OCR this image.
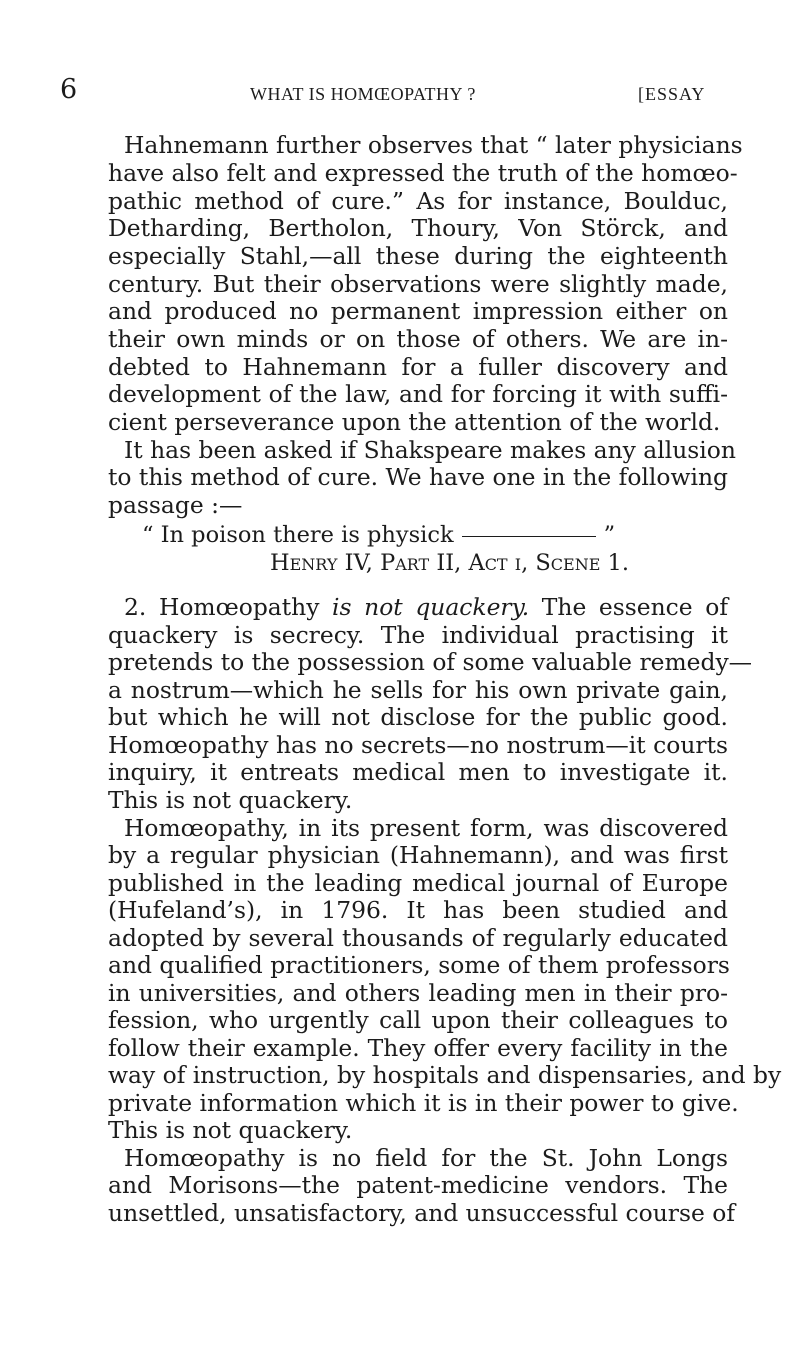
6	WHAT IS HOMŒOPATHY ?	[ESSAY
Hahnemann further observes that “ later physicians
have also felt and expressed the truth of the homœo-
pathic method of cure.” As for instance, Boulduc,
Detharding, Bertholon, Thoury, Von Störck, and
especially Stahl,—all these during the eighteenth
century. But their observations were slightly made,
and produced no permanent impression either on
their own minds or on those of others. We are in-
debted to Hahnemann for a fuller discovery and
development of the law, and for forcing it with suffi-
cient perseverance upon the attention of the world.
It has been asked if Shakspeare makes any allusion
to this method of cure. We have one in the following
passage :—
“ In poison there is physick	”
Henry IV, Part II, Act i, Scene 1.
2. Homœopathy is not quackery. The essence of
quackery is secrecy. The individual practising it
pretends to the possession of some valuable remedy—
a nostrum—which he sells for his own private gain,
but which he will not disclose for the public good.
Homœopathy has no secrets—no nostrum—it courts
inquiry, it entreats medical men to investigate it.
This is not quackery.
Homœopathy, in its present form, was discovered
by a regular physician (Hahnemann), and was first
published in the leading medical journal of Europe
(Hufeland’s), in 1796. It has been studied and
adopted by several thousands of regularly educated
and qualified practitioners, some of them professors
in universities, and others leading men in their pro-
fession, who urgently call upon their colleagues to
follow their example. They offer every facility in the
way of instruction, by hospitals and dispensaries, and by
private information which it is in their power to give.
This is not quackery.
Homœopathy is no field for the St. John Longs
and Morisons—the patent-medicine vendors. The
unsettled, unsatisfactory, and unsuccessful course of
